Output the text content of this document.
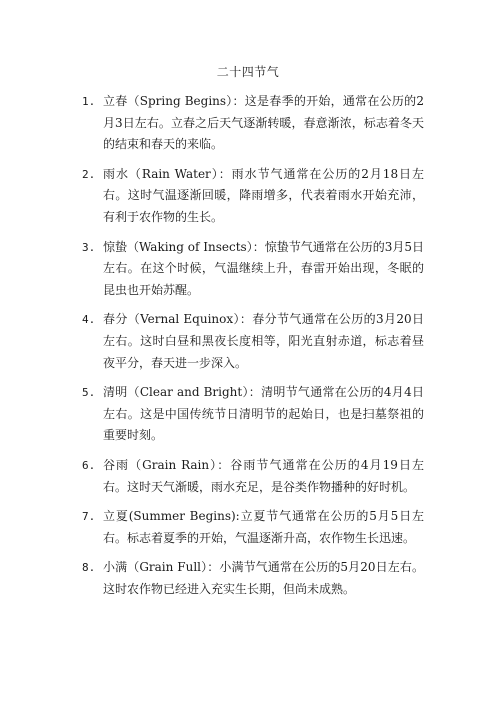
二十四节气
1. 立春（Spring Begins）：这是春季的开始，通常在公历的2月3日左右。立春之后天气逐渐转暖，春意渐浓，标志着冬天的结束和春天的来临。
2. 雨水（Rain Water）：雨水节气通常在公历的2月18日左右。这时气温逐渐回暖，降雨增多，代表着雨水开始充沛，有利于农作物的生长。
3. 惊蛰（Waking of Insects）：惊蛰节气通常在公历的3月5日左右。在这个时候，气温继续上升，春雷开始出现，冬眠的昆虫也开始苏醒。
4. 春分（Vernal Equinox）：春分节气通常在公历的3月20日左右。这时白昼和黑夜长度相等，阳光直射赤道，标志着昼夜平分，春天进一步深入。
5. 清明（Clear and Bright）：清明节气通常在公历的4月4日左右。这是中国传统节日清明节的起始日，也是扫墓祭祖的重要时刻。
6. 谷雨（Grain Rain）：谷雨节气通常在公历的4月19日左右。这时天气渐暖，雨水充足，是谷类作物播种的好时机。
7. 立夏(Summer Begins):立夏节气通常在公历的5月5日左右。标志着夏季的开始，气温逐渐升高，农作物生长迅速。
8. 小满（Grain Full）：小满节气通常在公历的5月20日左右。这时农作物已经进入充实生长期，但尚未成熟。
